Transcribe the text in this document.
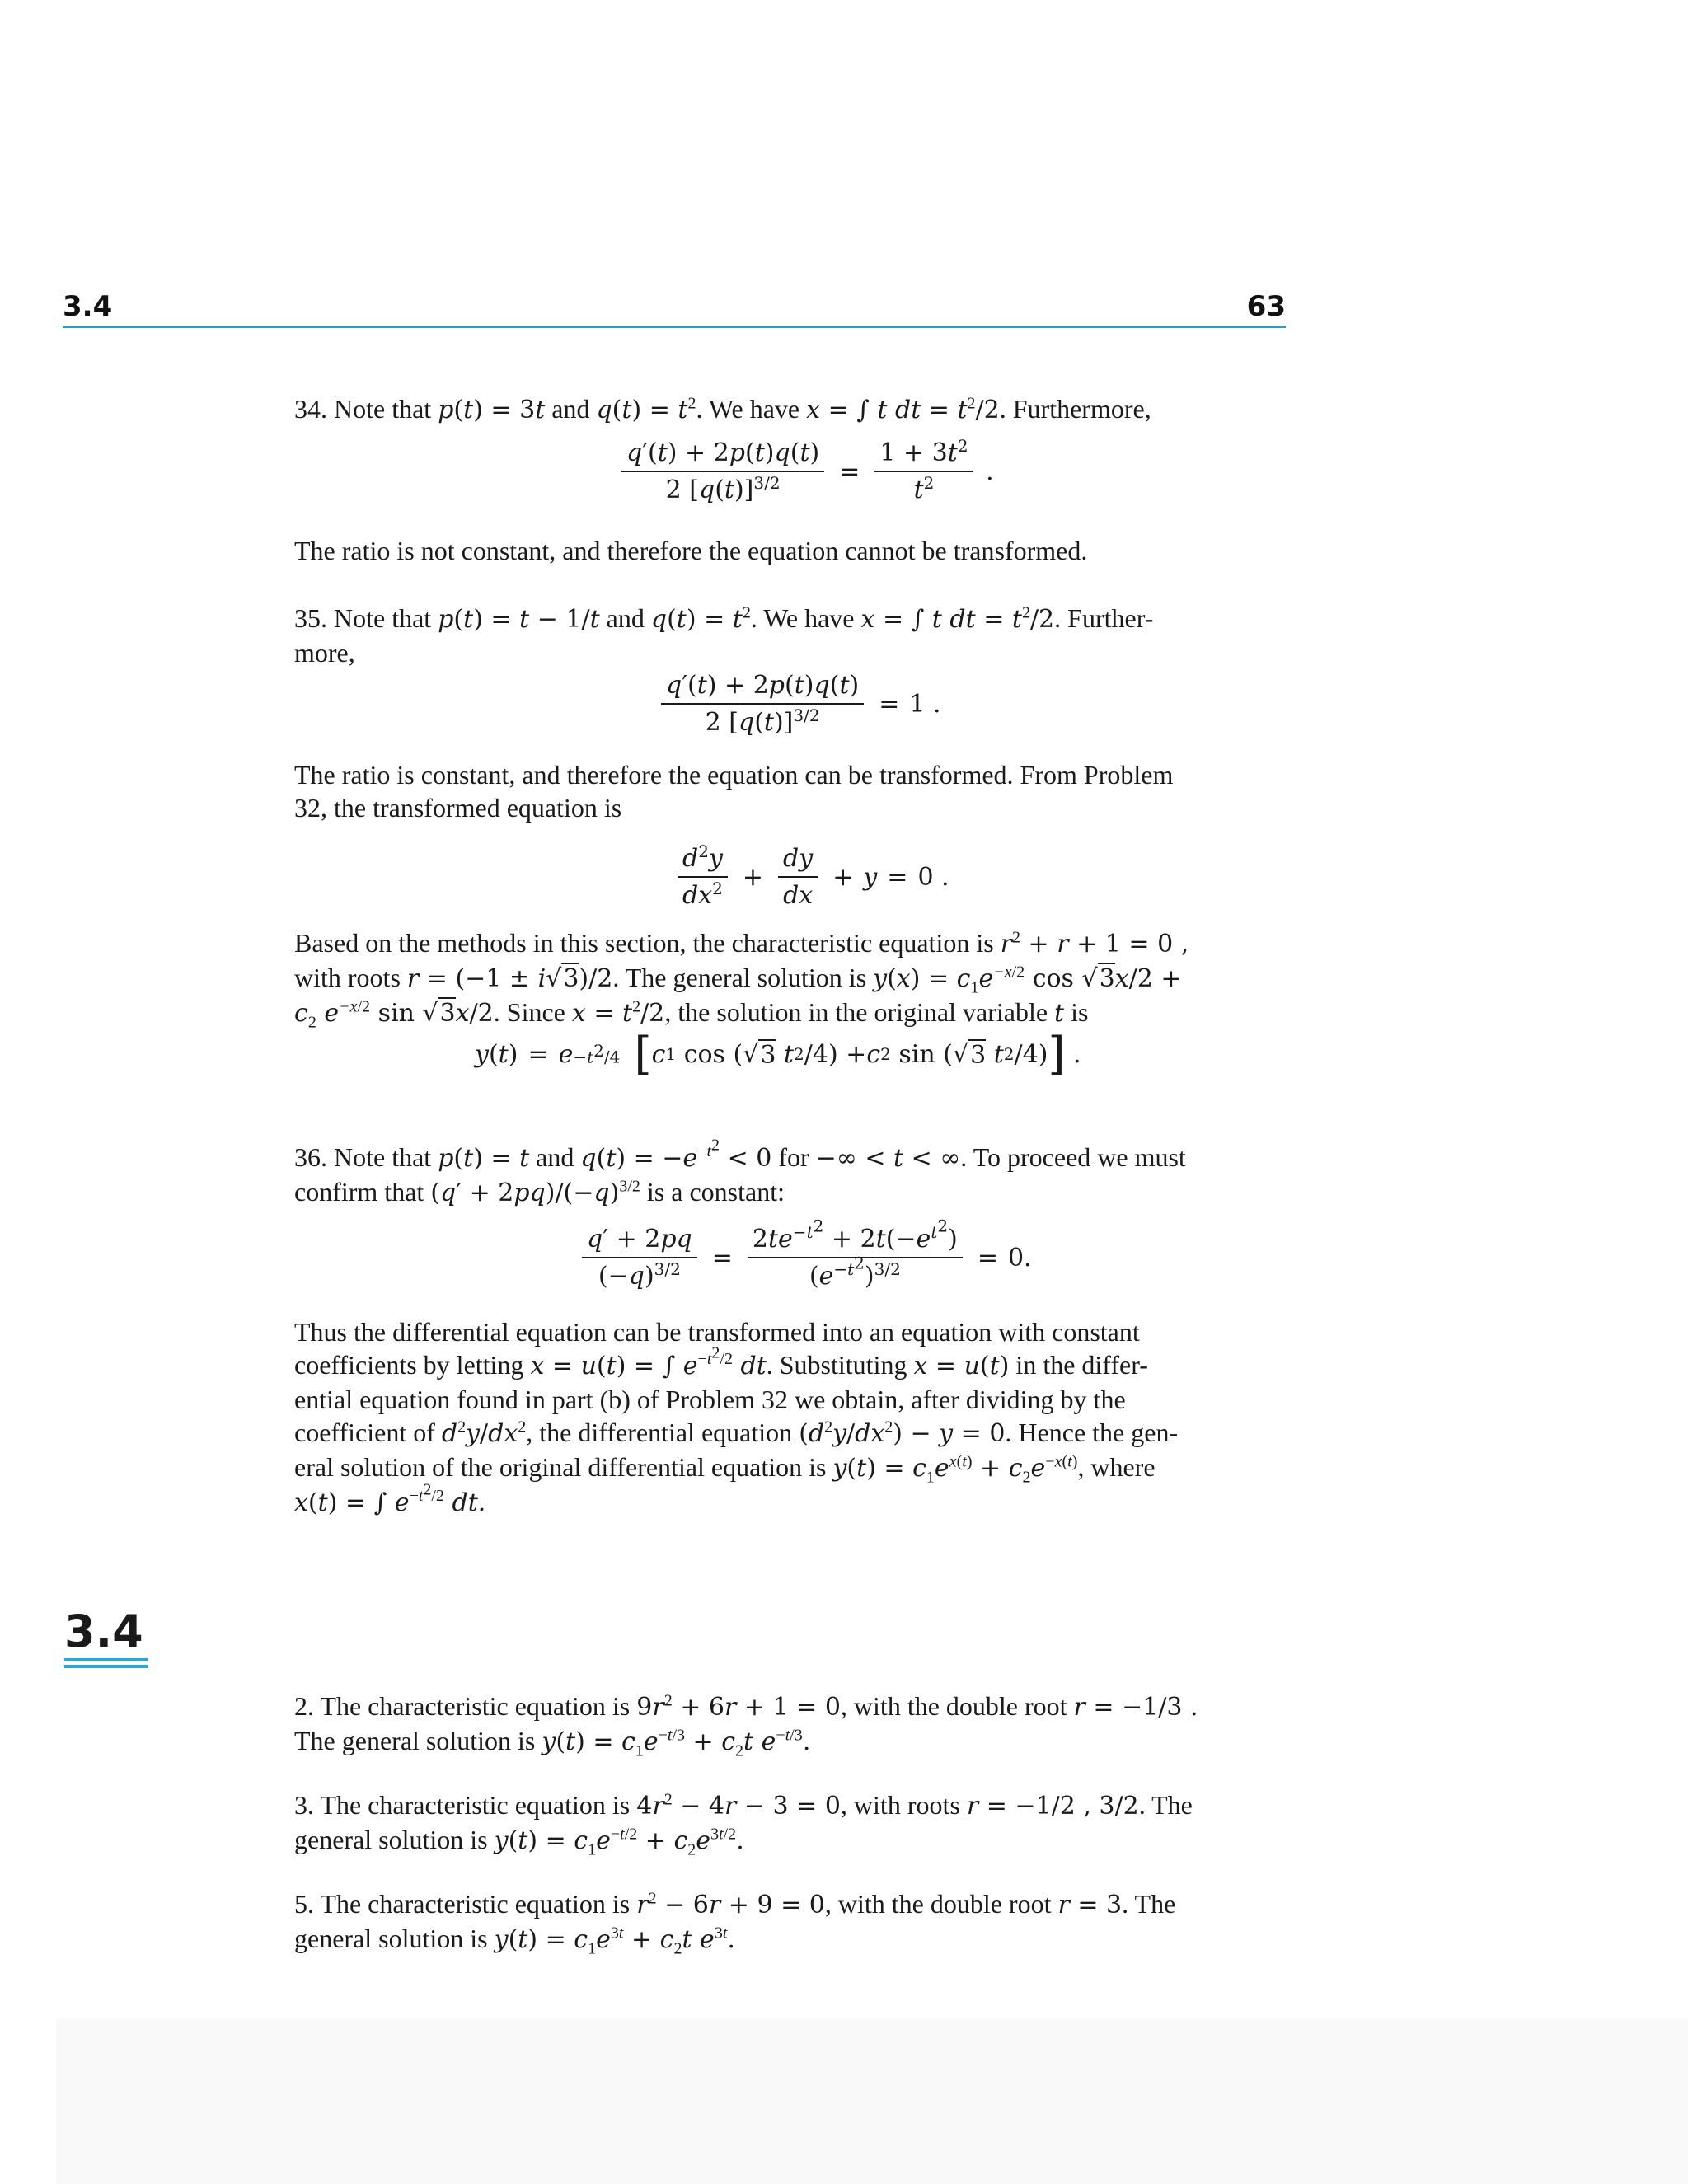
3.4	63
34. Note that p(t) = 3t and $q(t) = t^2$. We have x = ∫ t dt = $t^2/2$. Furthermore,
$\frac{q'(t) + 2p(t)q(t)}{2 [q(t)]^{3/2}} = \frac{1 + 3t^2}{t^2}$ .
The ratio is not constant, and therefore the equation cannot be transformed.
35. Note that p(t) = t − 1/t and $q(t) = t^2$. We have x = ∫ t dt = $t^2/2$. Further-
more,
$\frac{q'(t) + 2p(t)q(t)}{2 [q(t)]^{3/2}} = 1$ .
The ratio is constant, and therefore the equation can be transformed. From Problem
32, the transformed equation is
$\frac{d^2y}{dx^2} + \frac{dy}{dx} + y = 0$ .
Based on the methods in this section, the characteristic equation is $r^2 + r + 1 = 0$ ,
with roots r = (−1 ± i√3)/2. The general solution is $y(x) = c_1e^{-x/2}$ cos √3x/2 +
$c_2$ $e^{-x/2}$ sin √3x/2. Since $x = t^2/2$, the solution in the original variable t is
y ( t ) = $e -t^2/4$ [ c 1 cos (√ 3
t 2 /4) + c 2 sin (√ 3
t 2 /4) ] .
36. Note that p(t) = t and $q(t) = -e^{-t^2} < 0$ for −∞ < t < ∞. To proceed we must
confirm that $(q' + 2pq)/(-q)^{3/2}$ is a constant:
$\frac{q' + 2pq}{(-q)^{3/2}} = \frac{2te^{-t^2} + 2t(-e^{t^2})}{(e^{-t^2})^{3/2}} = 0$.
Thus the differential equation can be transformed into an equation with constant
coefficients by letting x = u(t) = ∫ $e^{-t^2/2}$ dt. Substituting x = u(t) in the differ-
ential equation found in part (b) of Problem 32 we obtain, after dividing by the
coefficient of $d^2y/dx^2$, the differential equation $(d^2y/dx^2) - y = 0$. Hence the gen-
eral solution of the original differential equation is $y(t) = c_1e^{x(t)} + c_2e^{-x(t)}$, where
x(t) = ∫ $e^{-t^2/2}$ dt.
3.4
2. The characteristic equation is $9r^2 + 6r + 1 = 0$, with the double root r = −1/3 .
The general solution is $y(t) = c_1e^{-t/3} + c_2t$ $e^{-t/3}$.
3. The characteristic equation is $4r^2 - 4r - 3 = 0$, with roots r = −1/2 , 3/2. The
general solution is $y(t) = c_1e^{-t/2} + c_2e^{3t/2}$.
5. The characteristic equation is $r^2 - 6r + 9 = 0$, with the double root r = 3. The
general solution is $y(t) = c_1e^{3t} + c_2t$ $e^{3t}$.
